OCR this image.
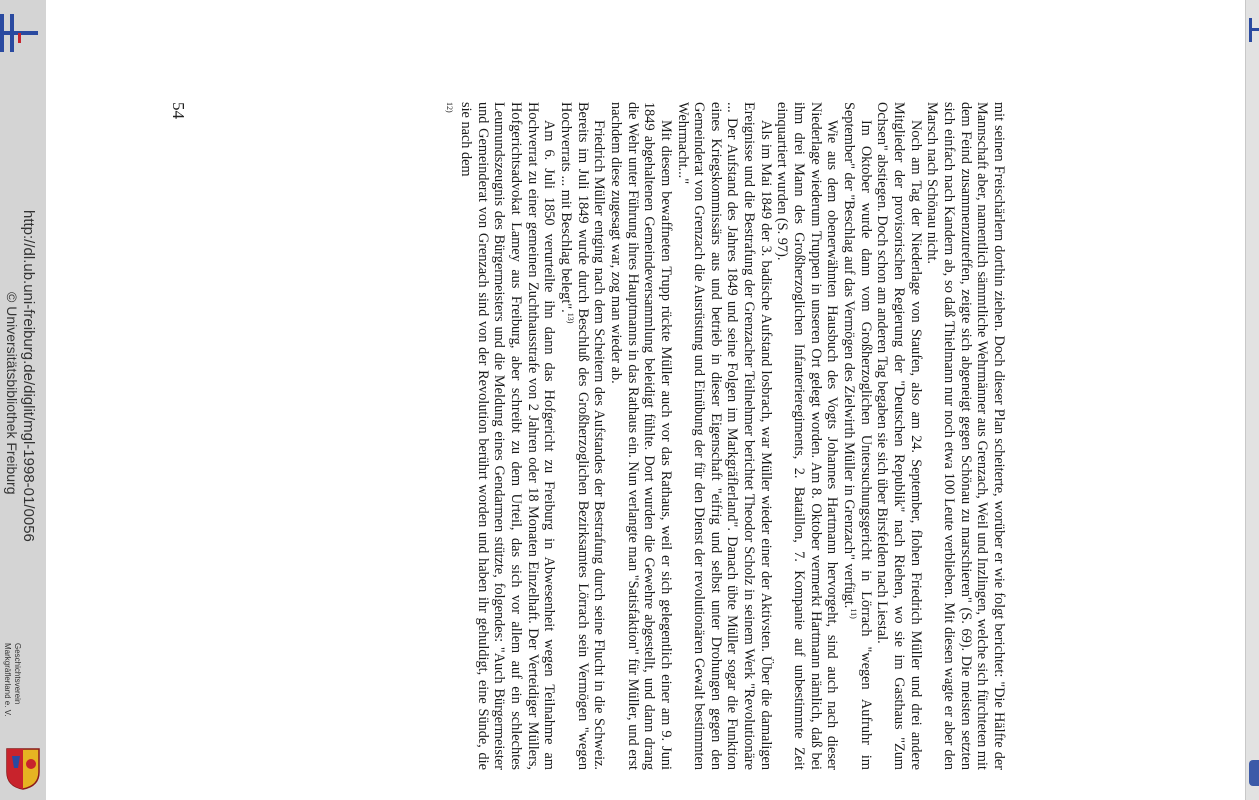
http://dl.ub.uni-freiburg.de/diglit/mgl-1998-01/0056
© Universitätsbibliothek Freiburg
Geschichtsverein
Markgräflerland e. V.
54	mit seinen Freischärlern dorthin ziehen. Doch dieser Plan scheiterte, worüber er wie folgt berichtet: "Die Hälfte der Mannschaft aber, namentlich sämmtliche Wehrmänner aus Grenzach, Weil und Inzlingen, welche sich fürchteten mit dem Feind zusammenzutreffen, zeigte sich abgeneigt gegen Schönau zu marschieren" (S. 69). Die meisten setzten sich einfach nach Kandern ab, so daß Thielmann nur noch etwa 100 Leute verblieben. Mit diesen wagte er aber den Marsch nach Schönau nicht.

Noch am Tag der Niederlage von Staufen, also am 24. September, flohen Friedrich Müller und drei andere Mitglieder der provisorischen Regierung der "Deutschen Republik" nach Riehen, wo sie im Gasthaus "Zum Ochsen" abstiegen. Doch schon am anderen Tag begaben sie sich über Birsfelden nach Liestal.

Im Oktober wurde dann vom Großherzoglichen Untersuchungsgericht in Lörrach "wegen Aufruhr im September" der "Beschlag auf das Vermögen des Zielwirth Müller in Grenzach" verfügt.$^{11)}$

Wie aus dem obenerwähnten Hausbuch des Vogts Johannes Hartmann hervorgeht, sind auch nach dieser Niederlage wiederum Truppen in unseren Ort gelegt worden. Am 8. Oktober vermerkt Hartmann nämlich, daß bei ihm drei Mann des Großherzoglichen Infanterieregiments, 2. Bataillon, 7. Kompanie auf unbestimmte Zeit einquartiert wurden (S. 97).

Als im Mai 1849 der 3. badische Aufstand losbrach, war Müller wieder einer der Aktivsten. Über die damaligen Ereignisse und die Bestrafung der Grenzacher Teilnehmer berichtet Theodor Scholz in seinem Werk "Revolutionäre ... Der Aufstand des Jahres 1849 und seine Folgen im Markgräflerland". Danach übte Müller sogar die Funktion eines Kriegskommissärs aus und betrieb in dieser Eigenschaft "eifrig und selbst unter Drohungen gegen den Gemeinderat von Grenzach die Ausrüstung und Einübung der für den Dienst der revolutionären Gewalt bestimmten Wehrmacht..."

Mit diesem bewaffneten Trupp rückte Müller auch vor das Rathaus, weil er sich gelegentlich einer am 9. Juni 1849 abgehaltenen Gemeindeversammlung beleidigt fühlte. Dort wurden die Gewehre abgestellt, und dann drang die Wehr unter Führung ihres Hauptmanns in das Rathaus ein. Nun verlangte man "Satisfaktion" für Müller, und erst nachdem diese zugesagt war, zog man wieder ab.

Friedrich Müller entging nach dem Scheitern des Aufstandes der Bestrafung durch seine Flucht in die Schweiz. Bereits im Juli 1849 wurde durch Beschluß des Großherzoglichen Bezirksamtes Lörrach sein Vermögen "wegen Hochverrats ... mit Beschlag belegt".$^{13)}$

Am 6. Juli 1850 verurteilte ihn dann das Hofgericht zu Freiburg in Abwesenheit wegen Teilnahme am Hochverrat zu einer gemeinen Zuchthausstrafe von 2 Jahren oder 18 Monaten Einzelhaft. Der Verteidiger Müllers, Hofgerichtsadvokat Lamey aus Freiburg, aber schreibt zu dem Urteil, das sich vor allem auf ein schlechtes Leumundszeugnis des Bürgermeisters und die Meldung eines Gendarmen stützte, folgendes: "Auch Bürgermeister und Gemeinderat von Grenzach sind von der Revolution berührt worden und haben ihr gehuldigt, eine Sünde, die sie nach dem

$^{12)}$
